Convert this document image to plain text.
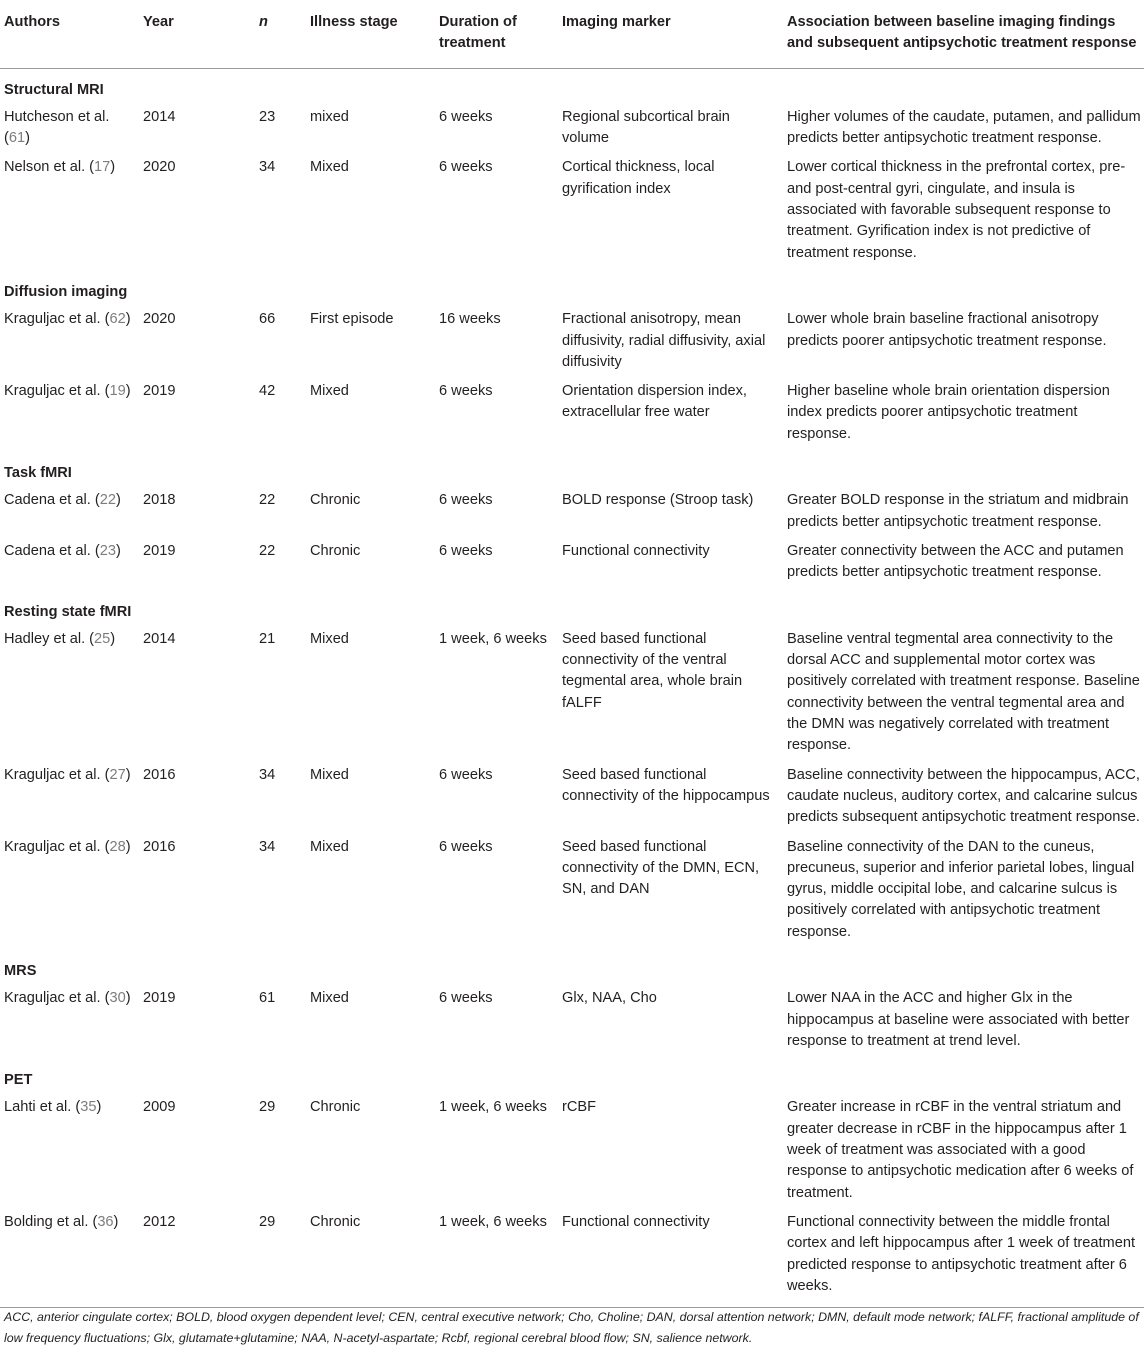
Authors	Year	n	Illness stage	Duration of treatment	Imaging marker	Association between baseline imaging findings and subsequent antipsychotic treatment response
Structural MRI						
Hutcheson et al. (61)	2014	23	mixed	6 weeks	Regional subcortical brain volume	Higher volumes of the caudate, putamen, and pallidum predicts better antipsychotic treatment response.
Nelson et al. (17)	2020	34	Mixed	6 weeks	Cortical thickness, local gyrification index	Lower cortical thickness in the prefrontal cortex, pre- and post-central gyri, cingulate, and insula is associated with favorable subsequent response to treatment. Gyrification index is not predictive of treatment response.
Diffusion imaging						
Kraguljac et al. (62)	2020	66	First episode	16 weeks	Fractional anisotropy, mean diffusivity, radial diffusivity, axial diffusivity	Lower whole brain baseline fractional anisotropy predicts poorer antipsychotic treatment response.
Kraguljac et al. (19)	2019	42	Mixed	6 weeks	Orientation dispersion index, extracellular free water	Higher baseline whole brain orientation dispersion index predicts poorer antipsychotic treatment response.
Task fMRI						
Cadena et al. (22)	2018	22	Chronic	6 weeks	BOLD response (Stroop task)	Greater BOLD response in the striatum and midbrain predicts better antipsychotic treatment response.
Cadena et al. (23)	2019	22	Chronic	6 weeks	Functional connectivity	Greater connectivity between the ACC and putamen predicts better antipsychotic treatment response.
Resting state fMRI						
Hadley et al. (25)	2014	21	Mixed	1 week, 6 weeks	Seed based functional connectivity of the ventral tegmental area, whole brain fALFF	Baseline ventral tegmental area connectivity to the dorsal ACC and supplemental motor cortex was positively correlated with treatment response. Baseline connectivity between the ventral tegmental area and the DMN was negatively correlated with treatment response.
Kraguljac et al. (27)	2016	34	Mixed	6 weeks	Seed based functional connectivity of the hippocampus	Baseline connectivity between the hippocampus, ACC, caudate nucleus, auditory cortex, and calcarine sulcus predicts subsequent antipsychotic treatment response.
Kraguljac et al. (28)	2016	34	Mixed	6 weeks	Seed based functional connectivity of the DMN, ECN, SN, and DAN	Baseline connectivity of the DAN to the cuneus, precuneus, superior and inferior parietal lobes, lingual gyrus, middle occipital lobe, and calcarine sulcus is positively correlated with antipsychotic treatment response.
MRS						
Kraguljac et al. (30)	2019	61	Mixed	6 weeks	Glx, NAA, Cho	Lower NAA in the ACC and higher Glx in the hippocampus at baseline were associated with better response to treatment at trend level.
PET						
Lahti et al. (35)	2009	29	Chronic	1 week, 6 weeks	rCBF	Greater increase in rCBF in the ventral striatum and greater decrease in rCBF in the hippocampus after 1 week of treatment was associated with a good response to antipsychotic medication after 6 weeks of treatment.
Bolding et al. (36)	2012	29	Chronic	1 week, 6 weeks	Functional connectivity	Functional connectivity between the middle frontal cortex and left hippocampus after 1 week of treatment predicted response to antipsychotic treatment after 6 weeks.
ACC, anterior cingulate cortex; BOLD, blood oxygen dependent level; CEN, central executive network; Cho, Choline; DAN, dorsal attention network; DMN, default mode network; fALFF, fractional amplitude of low frequency fluctuations; Glx, glutamate+glutamine; NAA, N-acetyl-aspartate; Rcbf, regional cerebral blood flow; SN, salience network.
